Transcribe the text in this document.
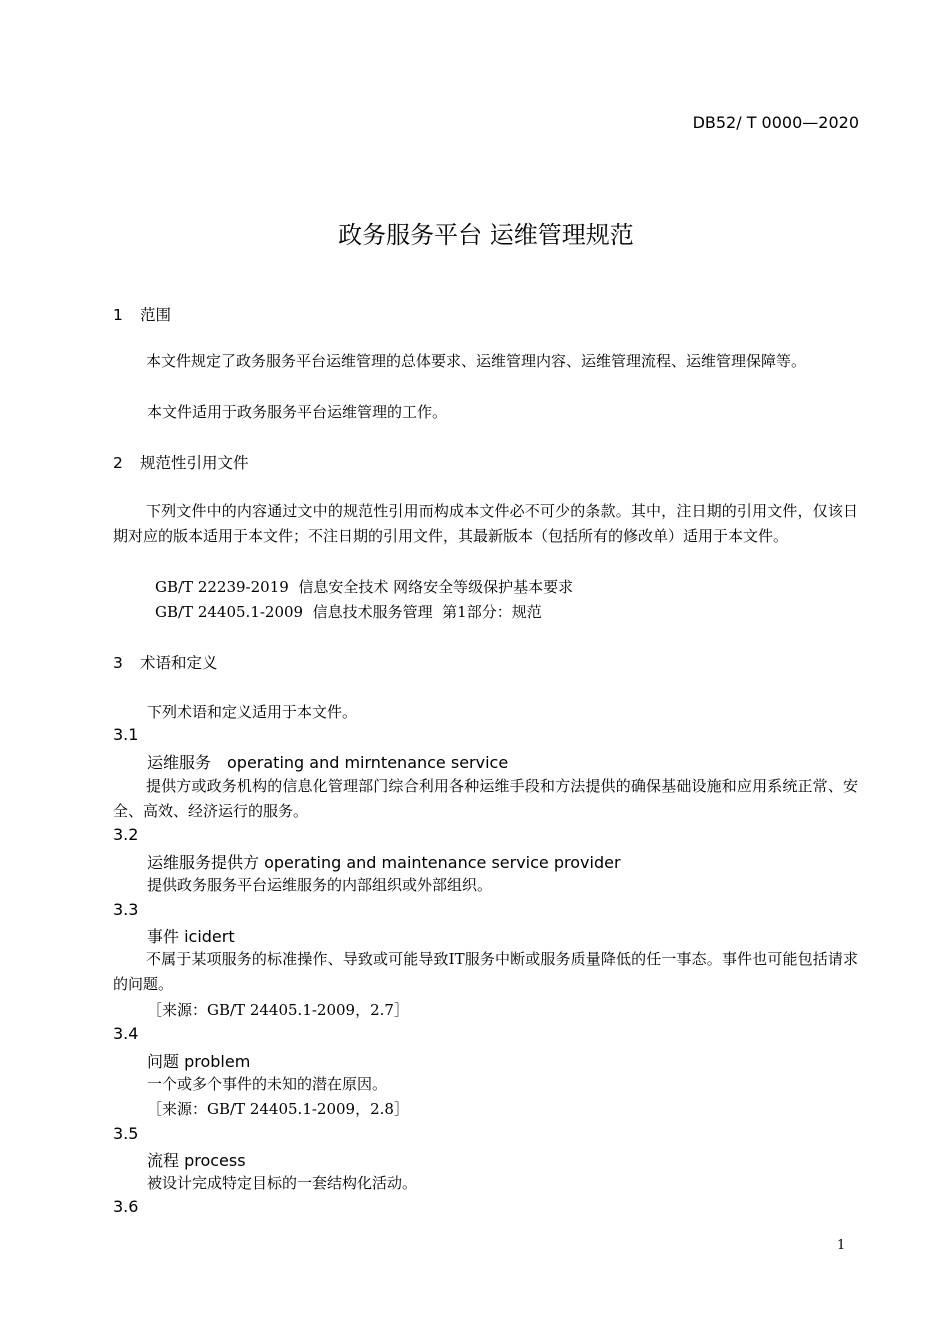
DB52/ T 0000—2020
政务服务平台 运维管理规范
1 范围
本文件规定了政务服务平台运维管理的总体要求、运维管理内容、运维管理流程、运维管理保障等。
本文件适用于政务服务平台运维管理的工作。
2 规范性引用文件
下列文件中的内容通过文中的规范性引用而构成本文件必不可少的条款。其中，注日期的引用文件，仅该日期对应的版本适用于本文件；不注日期的引用文件，其最新版本（包括所有的修改单）适用于本文件。
GB/T 22239-2019  信息安全技术 网络安全等级保护基本要求
GB/T 24405.1-2009  信息技术服务管理  第1部分：规范
3 术语和定义
下列术语和定义适用于本文件。
3.1
运维服务　operating and mirntenance service
提供方或政务机构的信息化管理部门综合利用各种运维手段和方法提供的确保基础设施和应用系统正常、安全、高效、经济运行的服务。
3.2
运维服务提供方 operating and maintenance service provider
提供政务服务平台运维服务的内部组织或外部组织。
3.3
事件 icidert
不属于某项服务的标准操作、导致或可能导致IT服务中断或服务质量降低的任一事态。事件也可能包括请求的问题。
［来源：GB/T 24405.1-2009，2.7］
3.4
问题 problem
一个或多个事件的未知的潜在原因。
［来源：GB/T 24405.1-2009，2.8］
3.5
流程 process
被设计完成特定目标的一套结构化活动。
3.6
1
